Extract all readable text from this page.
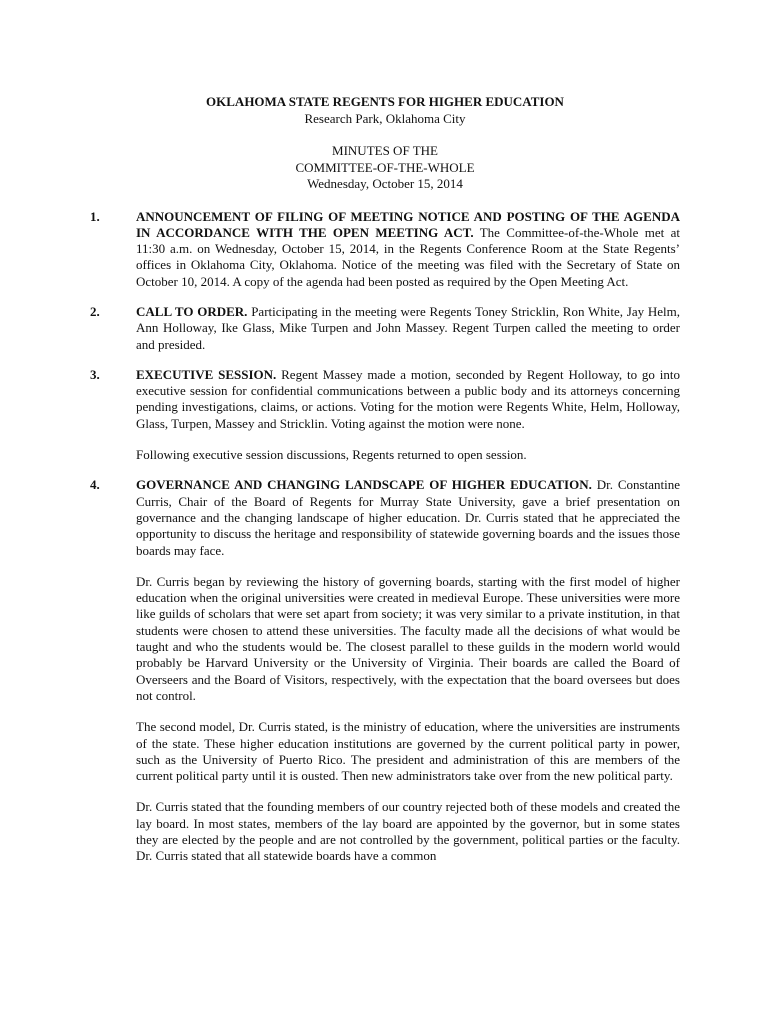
OKLAHOMA STATE REGENTS FOR HIGHER EDUCATION
Research Park, Oklahoma City
MINUTES OF THE
COMMITTEE-OF-THE-WHOLE
Wednesday, October 15, 2014
1.	ANNOUNCEMENT OF FILING OF MEETING NOTICE AND POSTING OF THE AGENDA IN ACCORDANCE WITH THE OPEN MEETING ACT. The Committee-of-the-Whole met at 11:30 a.m. on Wednesday, October 15, 2014, in the Regents Conference Room at the State Regents’ offices in Oklahoma City, Oklahoma. Notice of the meeting was filed with the Secretary of State on October 10, 2014. A copy of the agenda had been posted as required by the Open Meeting Act.

2.	CALL TO ORDER. Participating in the meeting were Regents Toney Stricklin, Ron White, Jay Helm, Ann Holloway, Ike Glass, Mike Turpen and John Massey. Regent Turpen called the meeting to order and presided.

3.	EXECUTIVE SESSION. Regent Massey made a motion, seconded by Regent Holloway, to go into executive session for confidential communications between a public body and its attorneys concerning pending investigations, claims, or actions. Voting for the motion were Regents White, Helm, Holloway, Glass, Turpen, Massey and Stricklin. Voting against the motion were none.

Following executive session discussions, Regents returned to open session.

4.	GOVERNANCE AND CHANGING LANDSCAPE OF HIGHER EDUCATION. Dr. Constantine Curris, Chair of the Board of Regents for Murray State University, gave a brief presentation on governance and the changing landscape of higher education. Dr. Curris stated that he appreciated the opportunity to discuss the heritage and responsibility of statewide governing boards and the issues those boards may face.

Dr. Curris began by reviewing the history of governing boards, starting with the first model of higher education when the original universities were created in medieval Europe. These universities were more like guilds of scholars that were set apart from society; it was very similar to a private institution, in that students were chosen to attend these universities. The faculty made all the decisions of what would be taught and who the students would be. The closest parallel to these guilds in the modern world would probably be Harvard University or the University of Virginia. Their boards are called the Board of Overseers and the Board of Visitors, respectively, with the expectation that the board oversees but does not control.

The second model, Dr. Curris stated, is the ministry of education, where the universities are instruments of the state. These higher education institutions are governed by the current political party in power, such as the University of Puerto Rico. The president and administration of this are members of the current political party until it is ousted. Then new administrators take over from the new political party.

Dr. Curris stated that the founding members of our country rejected both of these models and created the lay board. In most states, members of the lay board are appointed by the governor, but in some states they are elected by the people and are not controlled by the government, political parties or the faculty. Dr. Curris stated that all statewide boards have a common
